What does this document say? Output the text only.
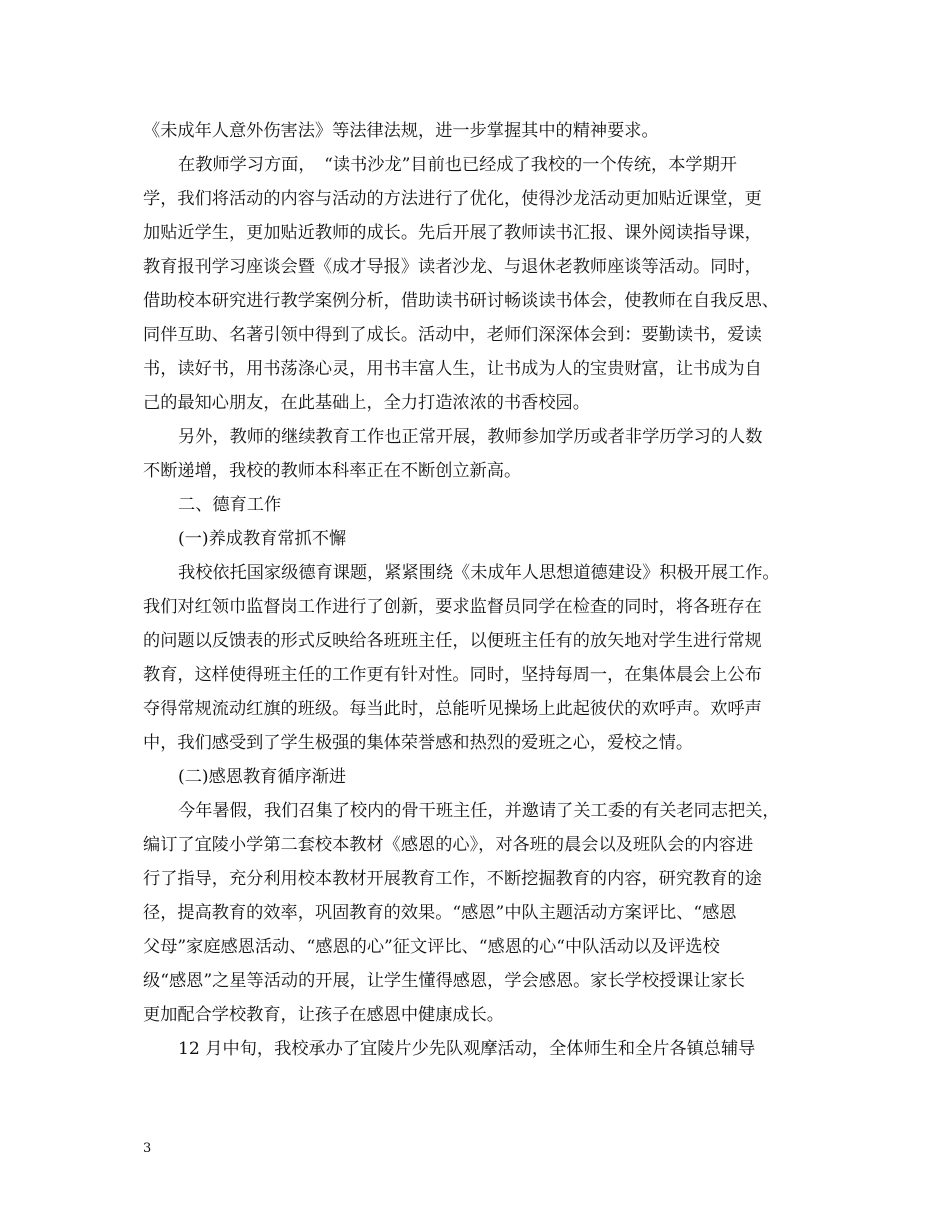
《未成年人意外伤害法》等法律法规，进一步掌握其中的精神要求。
在教师学习方面，　“读书沙龙”目前也已经成了我校的一个传统，本学期开
学，我们将活动的内容与活动的方法进行了优化，使得沙龙活动更加贴近课堂，更
加贴近学生，更加贴近教师的成长。先后开展了教师读书汇报、课外阅读指导课，
教育报刊学习座谈会暨《成才导报》读者沙龙、与退休老教师座谈等活动。同时，
借助校本研究进行教学案例分析，借助读书研讨畅谈读书体会，使教师在自我反思、
同伴互助、名著引领中得到了成长。活动中，老师们深深体会到：要勤读书，爱读
书，读好书，用书荡涤心灵，用书丰富人生，让书成为人的宝贵财富，让书成为自
己的最知心朋友，在此基础上，全力打造浓浓的书香校园。
另外，教师的继续教育工作也正常开展，教师参加学历或者非学历学习的人数
不断递增，我校的教师本科率正在不断创立新高。
二、德育工作
(一)养成教育常抓不懈
我校依托国家级德育课题，紧紧围绕《未成年人思想道德建设》积极开展工作。
我们对红领巾监督岗工作进行了创新，要求监督员同学在检查的同时，将各班存在
的问题以反馈表的形式反映给各班班主任，以便班主任有的放矢地对学生进行常规
教育，这样使得班主任的工作更有针对性。同时，坚持每周一，在集体晨会上公布
夺得常规流动红旗的班级。每当此时，总能听见操场上此起彼伏的欢呼声。欢呼声
中，我们感受到了学生极强的集体荣誉感和热烈的爱班之心，爱校之情。
(二)感恩教育循序渐进
今年暑假，我们召集了校内的骨干班主任，并邀请了关工委的有关老同志把关，
编订了宜陵小学第二套校本教材《感恩的心》，对各班的晨会以及班队会的内容进
行了指导，充分利用校本教材开展教育工作，不断挖掘教育的内容，研究教育的途
径，提高教育的效率，巩固教育的效果。“感恩”中队主题活动方案评比、“感恩
父母”家庭感恩活动、“感恩的心”征文评比、“感恩的心“中队活动以及评选校
级“感恩”之星等活动的开展，让学生懂得感恩，学会感恩。家长学校授课让家长
更加配合学校教育，让孩子在感恩中健康成长。
12 月中旬，我校承办了宜陵片少先队观摩活动，全体师生和全片各镇总辅导
3
